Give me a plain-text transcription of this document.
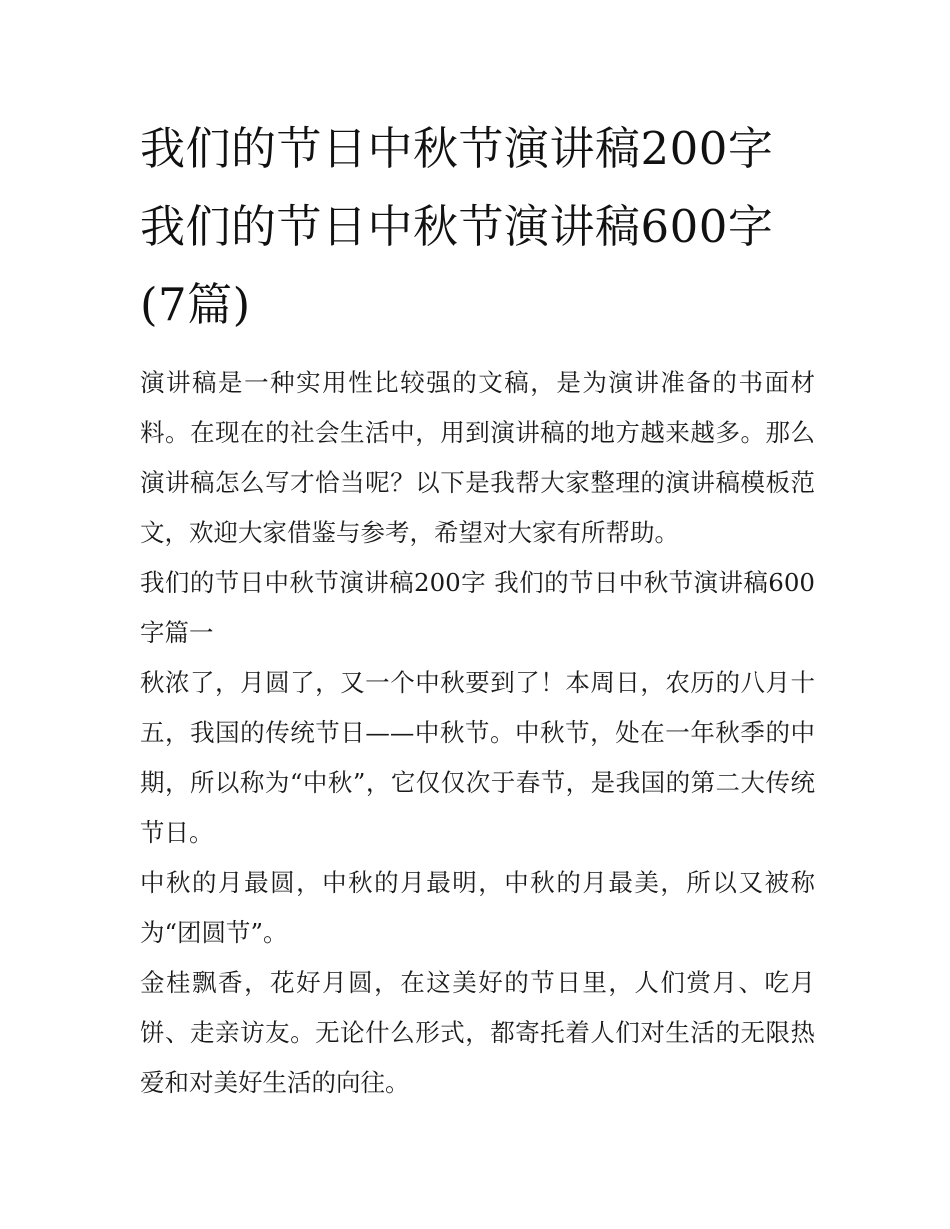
我们的节日中秋节演讲稿200字 我们的节日中秋节演讲稿600字(7篇)

演讲稿是一种实用性比较强的文稿，是为演讲准备的书面材料。在现在的社会生活中，用到演讲稿的地方越来越多。那么演讲稿怎么写才恰当呢？以下是我帮大家整理的演讲稿模板范文，欢迎大家借鉴与参考，希望对大家有所帮助。

我们的节日中秋节演讲稿200字 我们的节日中秋节演讲稿600字篇一

秋浓了，月圆了，又一个中秋要到了！本周日，农历的八月十五，我国的传统节日——中秋节。中秋节，处在一年秋季的中期，所以称为“中秋”，它仅仅次于春节，是我国的第二大传统节日。

中秋的月最圆，中秋的月最明，中秋的月最美，所以又被称为“团圆节”。

金桂飘香，花好月圆，在这美好的节日里，人们赏月、吃月饼、走亲访友。无论什么形式，都寄托着人们对生活的无限热爱和对美好生活的向往。
